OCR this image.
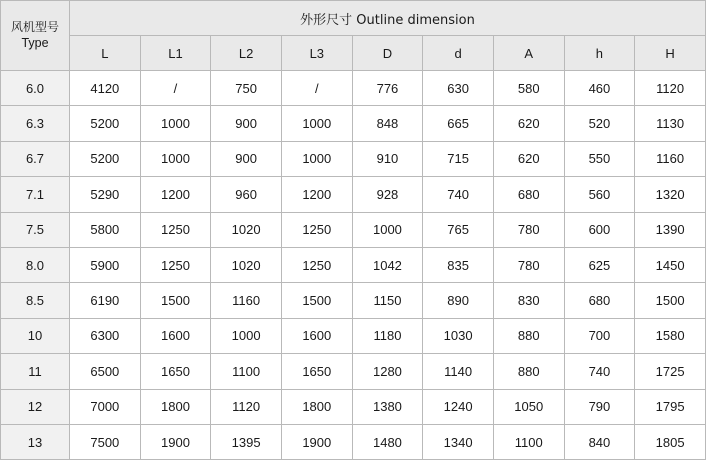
风机型号
Type	外形尺寸 Outline dimension								
	L	L1	L2	L3	D	d	A	h	H
6.0	4120	/	750	/	776	630	580	460	1120
6.3	5200	1000	900	1000	848	665	620	520	1130
6.7	5200	1000	900	1000	910	715	620	550	1160
7.1	5290	1200	960	1200	928	740	680	560	1320
7.5	5800	1250	1020	1250	1000	765	780	600	1390
8.0	5900	1250	1020	1250	1042	835	780	625	1450
8.5	6190	1500	1160	1500	1150	890	830	680	1500
10	6300	1600	1000	1600	1180	1030	880	700	1580
11	6500	1650	1100	1650	1280	1140	880	740	1725
12	7000	1800	1120	1800	1380	1240	1050	790	1795
13	7500	1900	1395	1900	1480	1340	1100	840	1805
